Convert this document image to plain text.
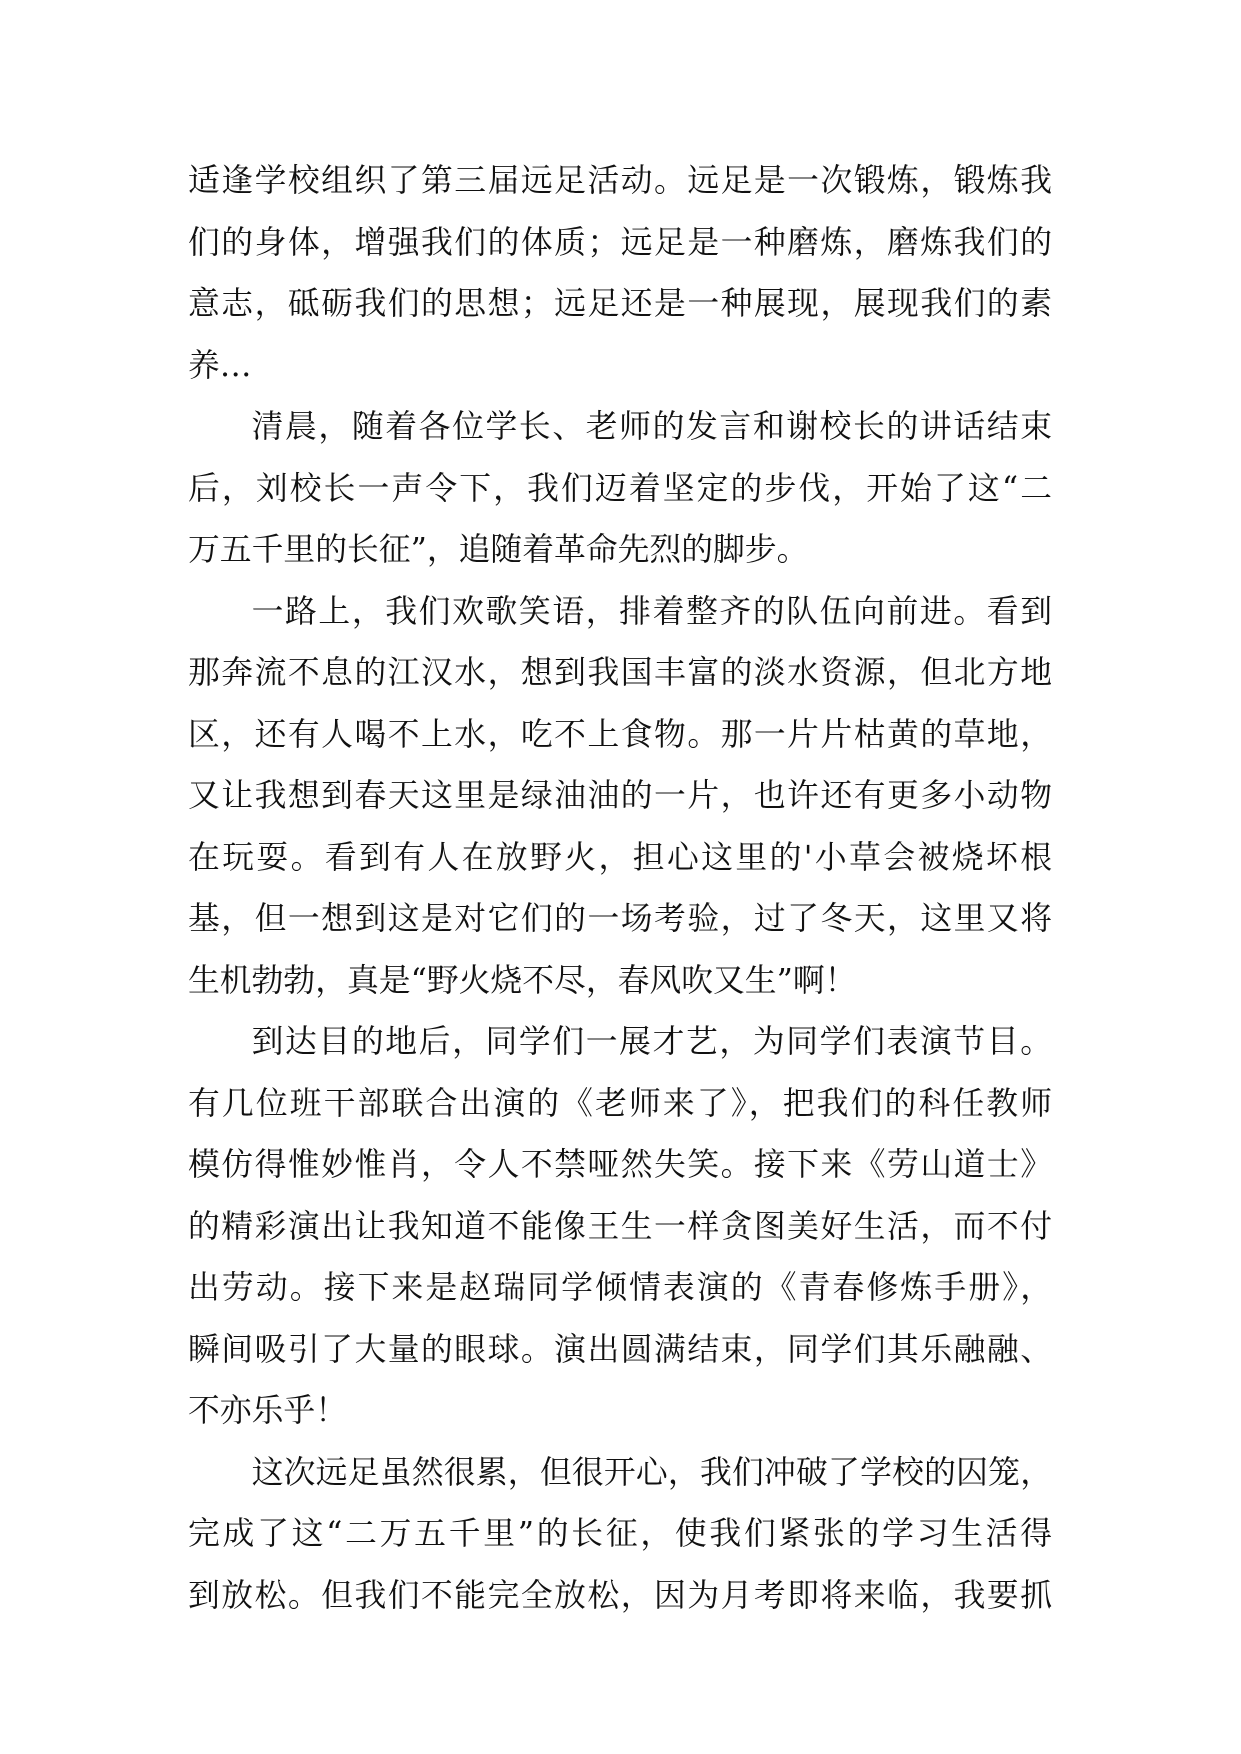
适逢学校组织了第三届远足活动。远足是一次锻炼，锻炼我
们的身体，增强我们的体质；远足是一种磨炼，磨炼我们的
意志，砥砺我们的思想；远足还是一种展现，展现我们的素
养…
清晨，随着各位学长、老师的发言和谢校长的讲话结束
后，刘校长一声令下，我们迈着坚定的步伐，开始了这“二
万五千里的长征”，追随着革命先烈的脚步。
一路上，我们欢歌笑语，排着整齐的队伍向前进。看到
那奔流不息的江汉水，想到我国丰富的淡水资源，但北方地
区，还有人喝不上水，吃不上食物。那一片片枯黄的草地，
又让我想到春天这里是绿油油的一片，也许还有更多小动物
在玩耍。看到有人在放野火，担心这里的'小草会被烧坏根
基，但一想到这是对它们的一场考验，过了冬天，这里又将
生机勃勃，真是“野火烧不尽，春风吹又生”啊！
到达目的地后，同学们一展才艺，为同学们表演节目。
有几位班干部联合出演的《老师来了》，把我们的科任教师
模仿得惟妙惟肖，令人不禁哑然失笑。接下来《劳山道士》
的精彩演出让我知道不能像王生一样贪图美好生活，而不付
出劳动。接下来是赵瑞同学倾情表演的《青春修炼手册》，
瞬间吸引了大量的眼球。演出圆满结束，同学们其乐融融、
不亦乐乎！
这次远足虽然很累，但很开心，我们冲破了学校的囚笼，
完成了这“二万五千里”的长征，使我们紧张的学习生活得
到放松。但我们不能完全放松，因为月考即将来临，我要抓
